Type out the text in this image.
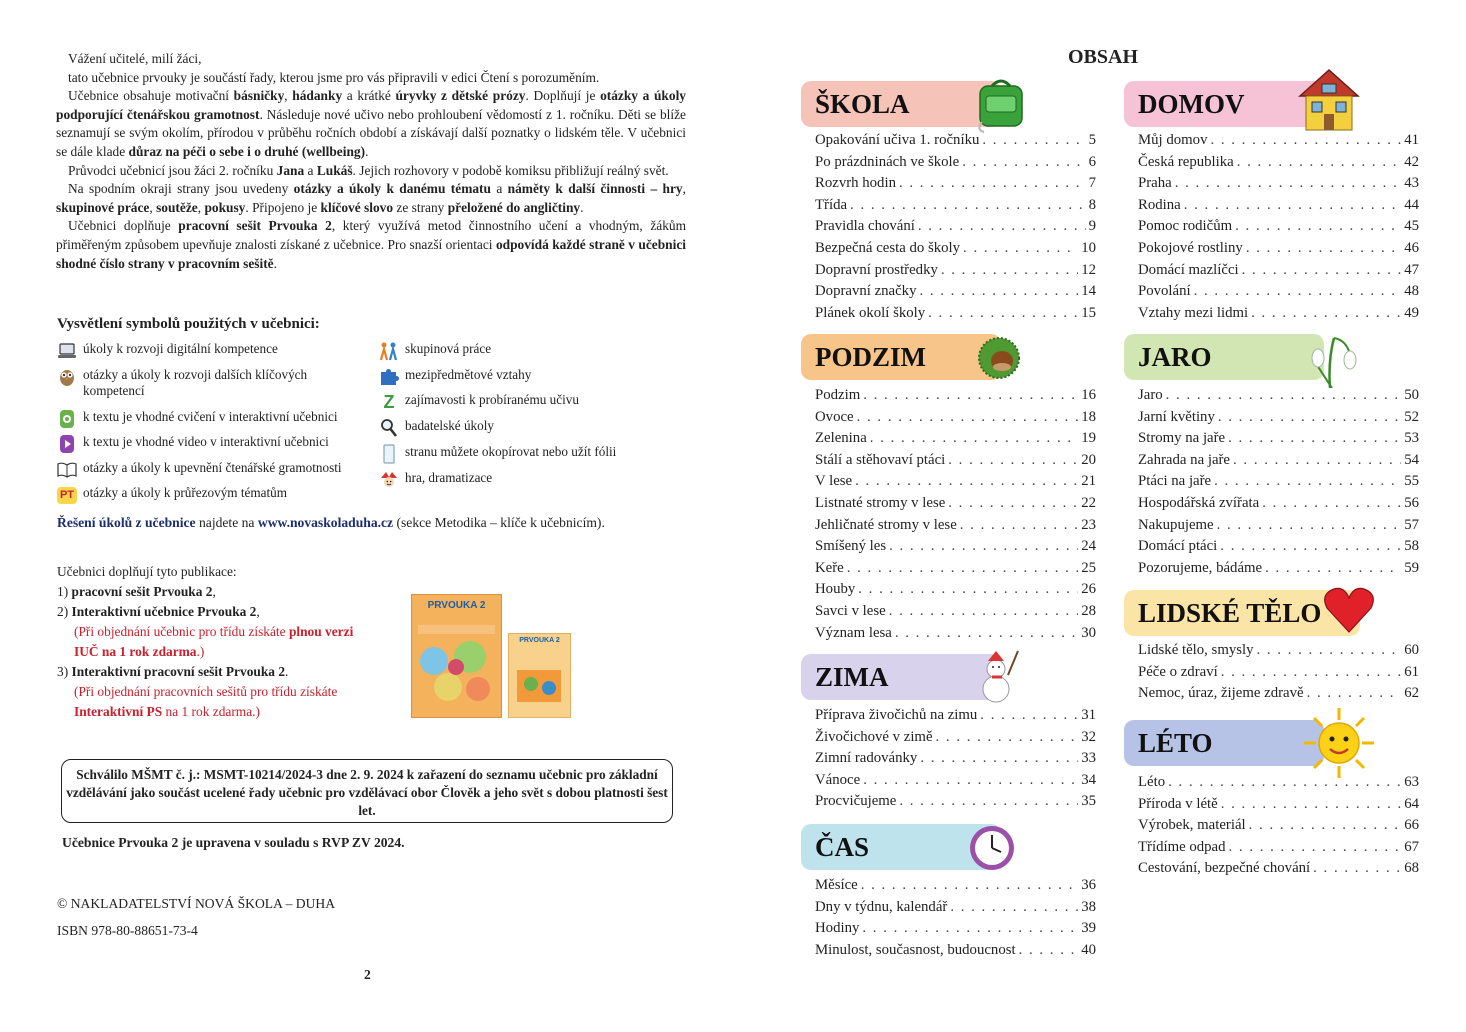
Vážení učitelé, milí žáci,

tato učebnice prvouky je součástí řady, kterou jsme pro vás připravili v edici Čtení s porozuměním.

Učebnice obsahuje motivační básničky, hádanky a krátké úryvky z dětské prózy. Doplňují je otázky a úkoly podporující čtenářskou gramotnost. Následuje nové učivo nebo prohloubení vědomostí z 1. ročníku. Děti se blíže seznamují se svým okolím, přírodou v průběhu ročních období a získávají další poznatky o lidském těle. V učebnici se dále klade důraz na péči o sebe i o druhé (wellbeing).

Průvodci učebnicí jsou žáci 2. ročníku Jana a Lukáš. Jejich rozhovory v podobě komiksu přibližují reálný svět.

Na spodním okraji strany jsou uvedeny otázky a úkoly k danému tématu a náměty k další činnosti – hry, skupinové práce, soutěže, pokusy. Připojeno je klíčové slovo ze strany přeložené do angličtiny.

Učebnici doplňuje pracovní sešit Prvouka 2, který využívá metod činnostního učení a vhodným, žákům přiměřeným způsobem upevňuje znalosti získané z učebnice. Pro snazší orientaci odpovídá každé straně v učebnici shodné číslo strany v pracovním sešitě.

Vysvětlení symbolů použitých v učebnici:
úkoly k rozvoji digitální kompetence
otázky a úkoly k rozvoji dalších klíčových kompetencí
k textu je vhodné cvičení v interaktivní učebnici
k textu je vhodné video v interaktivní učebnici
otázky a úkoly k upevnění čtenářské gramotnosti
PT otázky a úkoly k průřezovým tématům
skupinová práce
mezipředmětové vztahy
Z zajímavosti k probíranému učivu
badatelské úkoly
stranu můžete okopírovat nebo užít fólii
hra, dramatizace
Řešení úkolů z učebnice najdete na www.novaskoladuha.cz (sekce Metodika – klíče k učebnicím).
Učebnici doplňují tyto publikace:
1) pracovní sešit Prvouka 2,
2) Interaktivní učebnice Prvouka 2,
(Při objednání učebnic pro třídu získáte plnou verzi IUČ na 1 rok zdarma.)
3) Interaktivní pracovní sešit Prvouka 2.
(Při objednání pracovních sešitů pro třídu získáte Interaktivní PS na 1 rok zdarma.)
PRVOUKA 2
PRVOUKA 2
Schválilo MŠMT č. j.: MSMT-10214/2024-3 dne 2. 9. 2024 k zařazení do seznamu učebnic pro základní vzdělávání jako součást ucelené řady učebnic pro vzdělávací obor Člověk a jeho svět s dobou platnosti šest let.
Učebnice Prvouka 2 je upravena v souladu s RVP ZV 2024.
© NAKLADATELSTVÍ NOVÁ ŠKOLA – DUHA
ISBN 978-80-88651-73-4
2
OBSAH
ŠKOLA
Opakování učiva 1. ročníku . . .	5
Po prázdninách ve škole . . .	6
Rozvrh hodin . . .	7
Třída . . .	8
Pravidla chování . . .	9
Bezpečná cesta do školy . . .	10
Dopravní prostředky . . .	12
Dopravní značky . . .	14
Plánek okolí školy . . .	15
PODZIM
Podzim . . .	16
Ovoce . . .	18
Zelenina . . .	19
Stálí a stěhovaví ptáci . . .	20
V lese . . .	21
Listnaté stromy v lese . . .	22
Jehličnaté stromy v lese . . .	23
Smíšený les . . .	24
Keře . . .	25
Houby . . .	26
Savci v lese . . .	28
Význam lesa . . .	30
ZIMA
Příprava živočichů na zimu . . .	31
Živočichové v zimě . . .	32
Zimní radovánky . . .	33
Vánoce . . .	34
Procvičujeme . . .	35
ČAS
Měsíce . . .	36
Dny v týdnu, kalendář . . .	38
Hodiny . . .	39
Minulost, současnost, budoucnost . . .	40
DOMOV
Můj domov . . .	41
Česká republika . . .	42
Praha . . .	43
Rodina . . .	44
Pomoc rodičům . . .	45
Pokojové rostliny . . .	46
Domácí mazlíčci . . .	47
Povolání . . .	48
Vztahy mezi lidmi . . .	49
JARO
Jaro . . .	50
Jarní květiny . . .	52
Stromy na jaře . . .	53
Zahrada na jaře . . .	54
Ptáci na jaře . . .	55
Hospodářská zvířata . . .	56
Nakupujeme . . .	57
Domácí ptáci . . .	58
Pozorujeme, bádáme . . .	59
LIDSKÉ TĚLO
Lidské tělo, smysly . . .	60
Péče o zdraví . . .	61
Nemoc, úraz, žijeme zdravě . . .	62
LÉTO
Léto . . .	63
Příroda v létě . . .	64
Výrobek, materiál . . .	66
Třídíme odpad . . .	67
Cestování, bezpečné chování . . .	68
